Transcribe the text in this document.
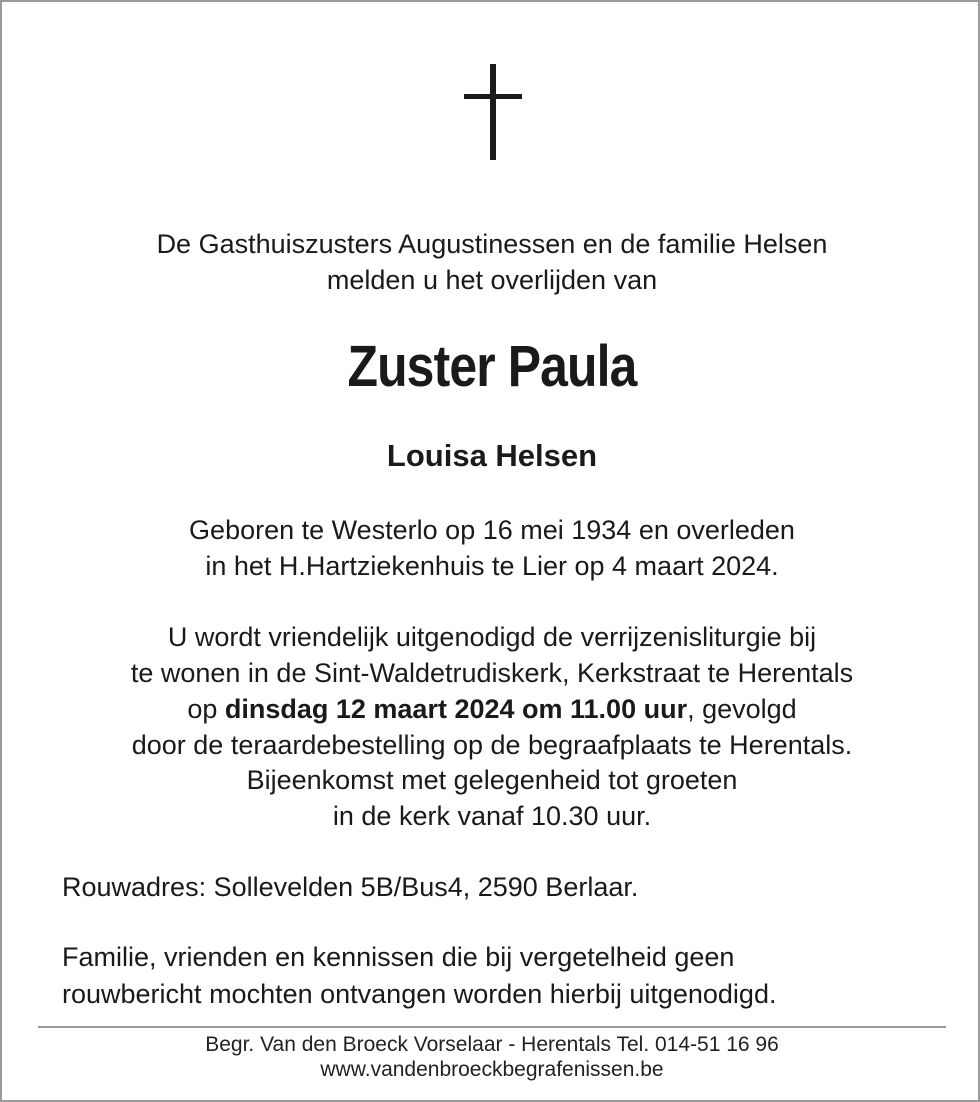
De Gasthuiszusters Augustinessen en de familie Helsen
melden u het overlijden van
Zuster Paula
Louisa Helsen
Geboren te Westerlo op 16 mei 1934 en overleden
in het H.Hartziekenhuis te Lier op 4 maart 2024.
U wordt vriendelijk uitgenodigd de verrijzenisliturgie bij
te wonen in de Sint-Waldetrudiskerk, Kerkstraat te Herentals
op dinsdag 12 maart 2024 om 11.00 uur, gevolgd
door de teraardebestelling op de begraafplaats te Herentals.
Bijeenkomst met gelegenheid tot groeten
in de kerk vanaf 10.30 uur.
Rouwadres: Sollevelden 5B/Bus4, 2590 Berlaar.
Familie, vrienden en kennissen die bij vergetelheid geen
rouwbericht mochten ontvangen worden hierbij uitgenodigd.
Begr. Van den Broeck Vorselaar - Herentals Tel. 014-51 16 96
www.vandenbroeckbegrafenissen.be
